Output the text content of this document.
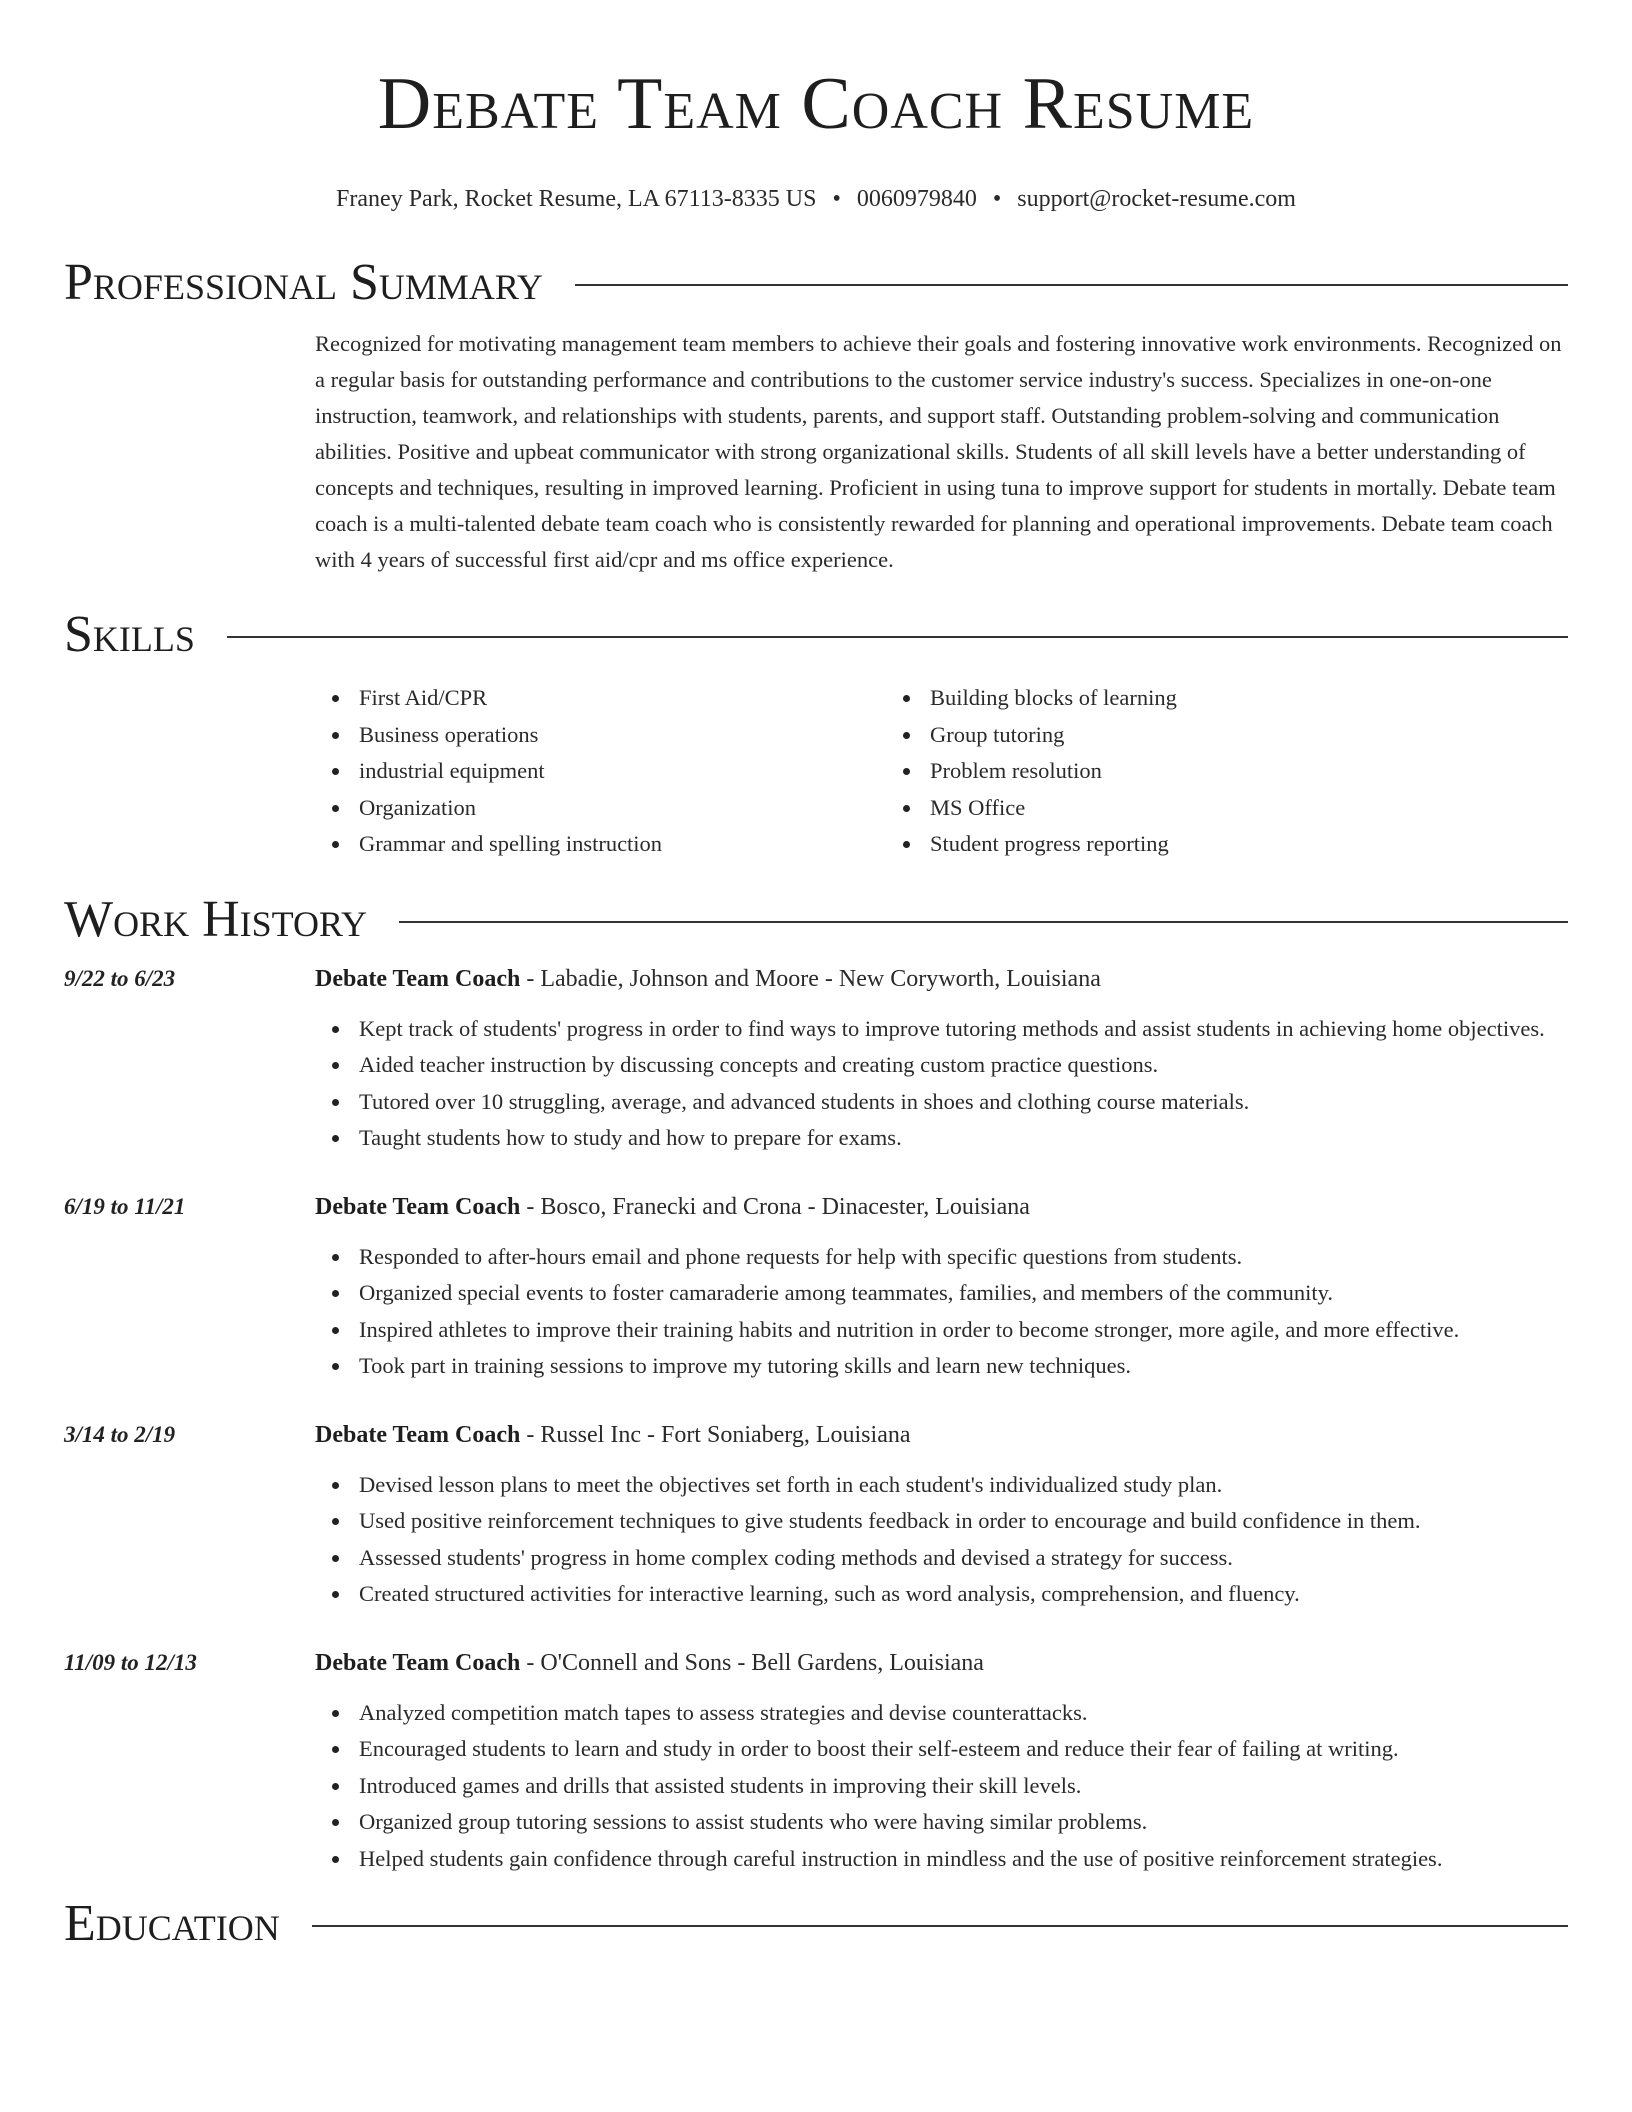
Debate Team Coach Resume
Franey Park, Rocket Resume, LA 67113-8335 US • 0060979840 • support@rocket-resume.com
Professional Summary
Recognized for motivating management team members to achieve their goals and fostering innovative work environments. Recognized on a regular basis for outstanding performance and contributions to the customer service industry's success. Specializes in one-on-one instruction, teamwork, and relationships with students, parents, and support staff. Outstanding problem-solving and communication abilities. Positive and upbeat communicator with strong organizational skills. Students of all skill levels have a better understanding of concepts and techniques, resulting in improved learning. Proficient in using tuna to improve support for students in mortally. Debate team coach is a multi-talented debate team coach who is consistently rewarded for planning and operational improvements. Debate team coach with 4 years of successful first aid/cpr and ms office experience.
Skills
First Aid/CPR
Business operations
industrial equipment
Organization
Grammar and spelling instruction
Building blocks of learning
Group tutoring
Problem resolution
MS Office
Student progress reporting
Work History
9/22 to 6/23	Debate Team Coach - Labadie, Johnson and Moore - New Coryworth, Louisiana
Kept track of students' progress in order to find ways to improve tutoring methods and assist students in achieving home objectives.
Aided teacher instruction by discussing concepts and creating custom practice questions.
Tutored over 10 struggling, average, and advanced students in shoes and clothing course materials.
Taught students how to study and how to prepare for exams.
6/19 to 11/21	Debate Team Coach - Bosco, Franecki and Crona - Dinacester, Louisiana
Responded to after-hours email and phone requests for help with specific questions from students.
Organized special events to foster camaraderie among teammates, families, and members of the community.
Inspired athletes to improve their training habits and nutrition in order to become stronger, more agile, and more effective.
Took part in training sessions to improve my tutoring skills and learn new techniques.
3/14 to 2/19	Debate Team Coach - Russel Inc - Fort Soniaberg, Louisiana
Devised lesson plans to meet the objectives set forth in each student's individualized study plan.
Used positive reinforcement techniques to give students feedback in order to encourage and build confidence in them.
Assessed students' progress in home complex coding methods and devised a strategy for success.
Created structured activities for interactive learning, such as word analysis, comprehension, and fluency.
11/09 to 12/13	Debate Team Coach - O'Connell and Sons - Bell Gardens, Louisiana
Analyzed competition match tapes to assess strategies and devise counterattacks.
Encouraged students to learn and study in order to boost their self-esteem and reduce their fear of failing at writing.
Introduced games and drills that assisted students in improving their skill levels.
Organized group tutoring sessions to assist students who were having similar problems.
Helped students gain confidence through careful instruction in mindless and the use of positive reinforcement strategies.
Education
